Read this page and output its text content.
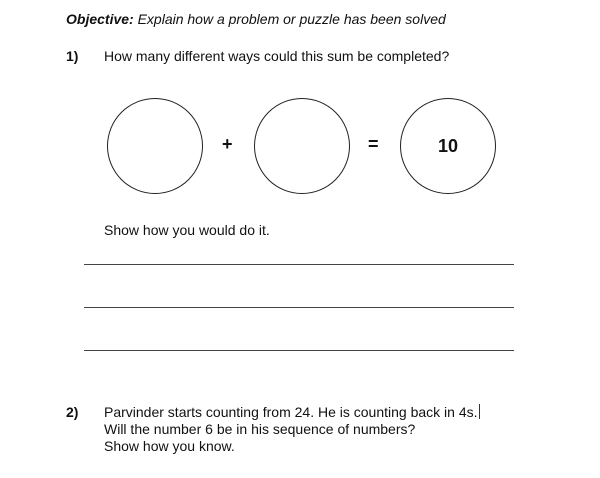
Objective: Explain how a problem or puzzle has been solved
1) How many different ways could this sum be completed?
+	=	10
Show how you would do it.
2) Parvinder starts counting from 24. He is counting back in 4s.
Will the number 6 be in his sequence of numbers?
Show how you know.
